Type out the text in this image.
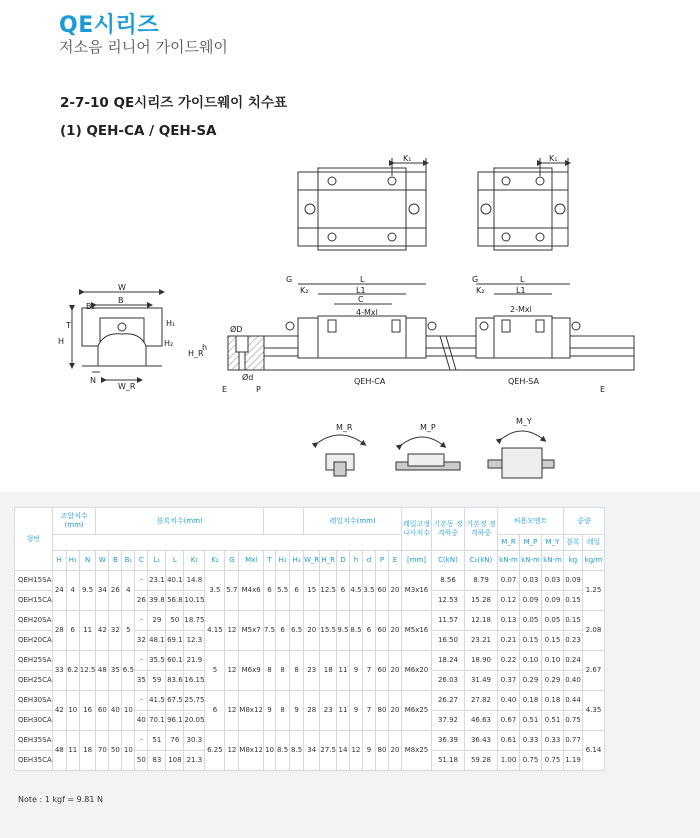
QE시리즈
저소음 리니어 가이드웨이
2-7-10 QE시리즈 가이드웨이 치수표
(1) QEH-CA / QEH-SA
K₁	K₁
W
B₁
B
T	H₁
H	H₂
N
W_R
ØD
H_R
h
Ød
E	P	E
G	L
K₂	L1
C
4-Mxl
QEH-CA
G	L
K₂	L1
2-Mxl
QEH-SA
M_R	M_P
M_Y
형번	조합치수 (mm)			블록치수(mm)													레일치수(mm)							레일고정나사치수	기본동 정격하중	기본정 정격하중	허용모멘트			중량	
																											M_R	M_P	M_Y	블록	레일
	H	H₁	N	W	B	B₁	C	L₁	L	K₁	K₂	G	Mxl	T	H₂	H₃	W_R	H_R	D	h	d	P	E	[mm]	C(kN)	C₀(kN)	kN-m	kN-m	kN-m	kg	kg/m
QEH15SA	24	4	9.5	34	26	4	-	23.1	40.1	14.8	3.5	5.7	M4x6	6	5.5	6	15	12.5	6	4.5	3.5	60	20	M3x16	8.56	8.79	0.07	0.03	0.03	0.09	1.25
QEH15CA							26	39.8	56.8	10.15															12.53	15.28	0.12	0.09	0.09	0.15	
QEH20SA	28	6	11	42	32	5	-	29	50	18.75	4.15	12	M5x7	7.5	6	6.5	20	15.5	9.5	8.5	6	60	20	M5x16	11.57	12.18	0.13	0.05	0.05	0.15	2.08
QEH20CA							32	48.1	69.1	12.3															16.50	23.21	0.21	0.15	0.15	0.23	
QEH25SA	33	6.2	12.5	48	35	6.5	-	35.5	60.1	21.9	5	12	M6x9	8	8	8	23	18	11	9	7	60	20	M6x20	18.24	18.90	0.22	0.10	0.10	0.24	2.67
QEH25CA							35	59	83.6	16.15															26.03	31.49	0.37	0.29	0.29	0.40	
QEH30SA	42	10	16	60	40	10	-	41.5	67.5	25.75	6	12	M8x12	9	8	9	28	23	11	9	7	80	20	M6x25	26.27	27.82	0.40	0.18	0.18	0.44	4.35
QEH30CA							40	70.1	96.1	20.05															37.92	46.63	0.67	0.51	0.51	0.75	
QEH35SA	48	11	18	70	50	10	-	51	76	30.3	6.25	12	M8x12	10	8.5	8.5	34	27.5	14	12	9	80	20	M8x25	36.39	36.43	0.61	0.33	0.33	0.77	6.14
QEH35CA							50	83	108	21.3															51.18	59.28	1.00	0.75	0.75	1.19	
Note : 1 kgf = 9.81 N
